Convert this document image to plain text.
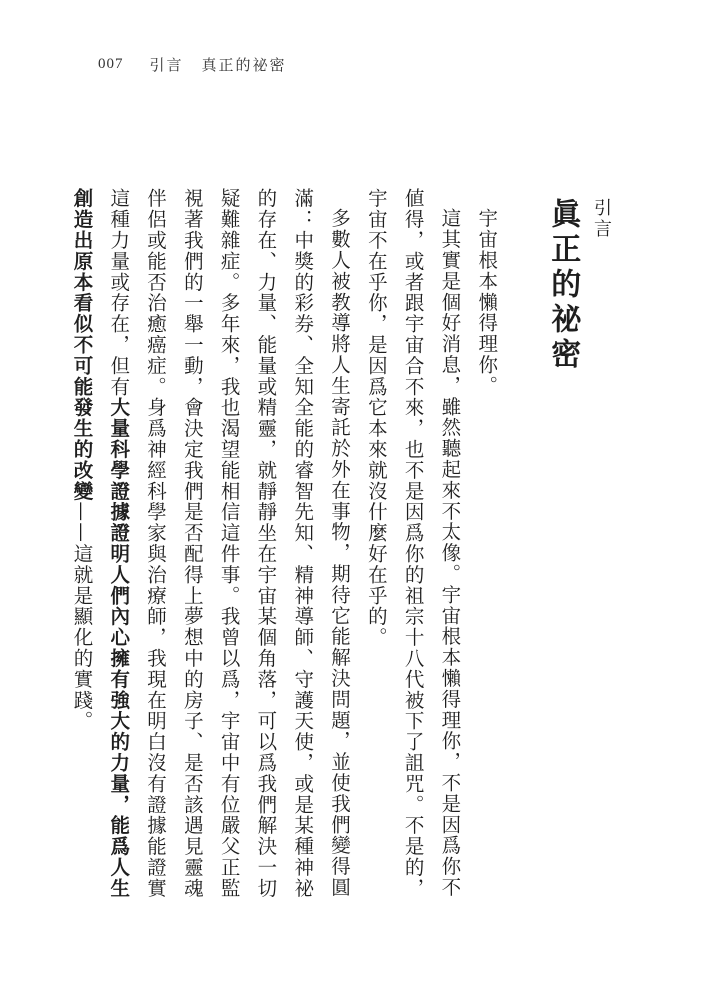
007 引言 真正的祕密

引言

眞正的祕密

宇宙根本懶得理你。

這其實是個好消息，雖然聽起來不太像。宇宙根本懶得理你，不是因爲你不値得，或者跟宇宙合不來，也不是因爲你的祖宗十八代被下了詛咒。不是的，宇宙不在乎你，是因爲它本來就沒什麼好在乎的。

多數人被教導將人生寄託於外在事物，期待它能解決問題，並使我們變得圓滿：中獎的彩券、全知全能的睿智先知、精神導師、守護天使，或是某種神祕的存在、力量、能量或精靈，就靜靜坐在宇宙某個角落，可以爲我們解決一切疑難雜症。多年來，我也渴望能相信這件事。我曾以爲，宇宙中有位嚴父正監視著我們的一舉一動，會決定我們是否配得上夢想中的房子、是否該遇見靈魂伴侶或能否治癒癌症。身爲神經科學家與治療師，我現在明白沒有證據能證實這種力量或存在，但有大量科學證據證明人們內心擁有強大的力量，能爲人生創造出原本看似不可能發生的改變——這就是顯化的實踐。
